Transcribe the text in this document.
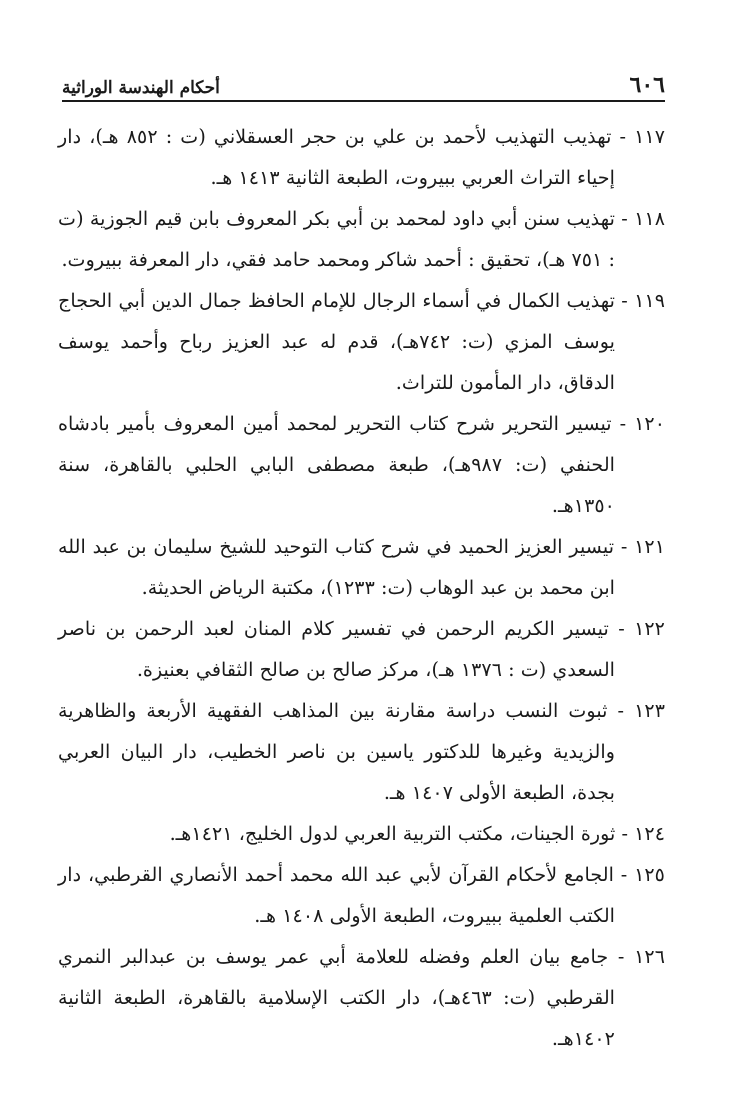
٦٠٦
أحكام الهندسة الوراثية

١١٧ - تهذيب التهذيب لأحمد بن علي بن حجر العسقلاني (ت : ٨٥٢ هـ)، دار إحياء التراث العربي ببيروت، الطبعة الثانية ١٤١٣ هـ.

١١٨ - تهذيب سنن أبي داود لمحمد بن أبي بكر المعروف بابن قيم الجوزية (ت : ٧٥١ هـ)، تحقيق : أحمد شاكر ومحمد حامد فقي، دار المعرفة ببيروت.

١١٩ - تهذيب الكمال في أسماء الرجال للإمام الحافظ جمال الدين أبي الحجاج يوسف المزي (ت: ٧٤٢هـ)، قدم له عبد العزيز رباح وأحمد يوسف الدقاق، دار المأمون للتراث.

١٢٠ - تيسير التحرير شرح كتاب التحرير لمحمد أمين المعروف بأمير بادشاه الحنفي (ت: ٩٨٧هـ)، طبعة مصطفى البابي الحلبي بالقاهرة، سنة ١٣٥٠هـ.

١٢١ - تيسير العزيز الحميد في شرح كتاب التوحيد للشيخ سليمان بن عبد الله ابن محمد بن عبد الوهاب (ت: ١٢٣٣)، مكتبة الرياض الحديثة.

١٢٢ - تيسير الكريم الرحمن في تفسير كلام المنان لعبد الرحمن بن ناصر السعدي (ت : ١٣٧٦ هـ)، مركز صالح بن صالح الثقافي بعنيزة.

١٢٣ - ثبوت النسب دراسة مقارنة بين المذاهب الفقهية الأربعة والظاهرية والزيدية وغيرها للدكتور ياسين بن ناصر الخطيب، دار البيان العربي بجدة، الطبعة الأولى ١٤٠٧ هـ.

١٢٤ - ثورة الجينات، مكتب التربية العربي لدول الخليج، ١٤٢١هـ.

١٢٥ - الجامع لأحكام القرآن لأبي عبد الله محمد أحمد الأنصاري القرطبي، دار الكتب العلمية ببيروت، الطبعة الأولى ١٤٠٨ هـ.

١٢٦ - جامع بيان العلم وفضله للعلامة أبي عمر يوسف بن عبدالبر النمري القرطبي (ت: ٤٦٣هـ)، دار الكتب الإسلامية بالقاهرة، الطبعة الثانية ١٤٠٢هـ.
